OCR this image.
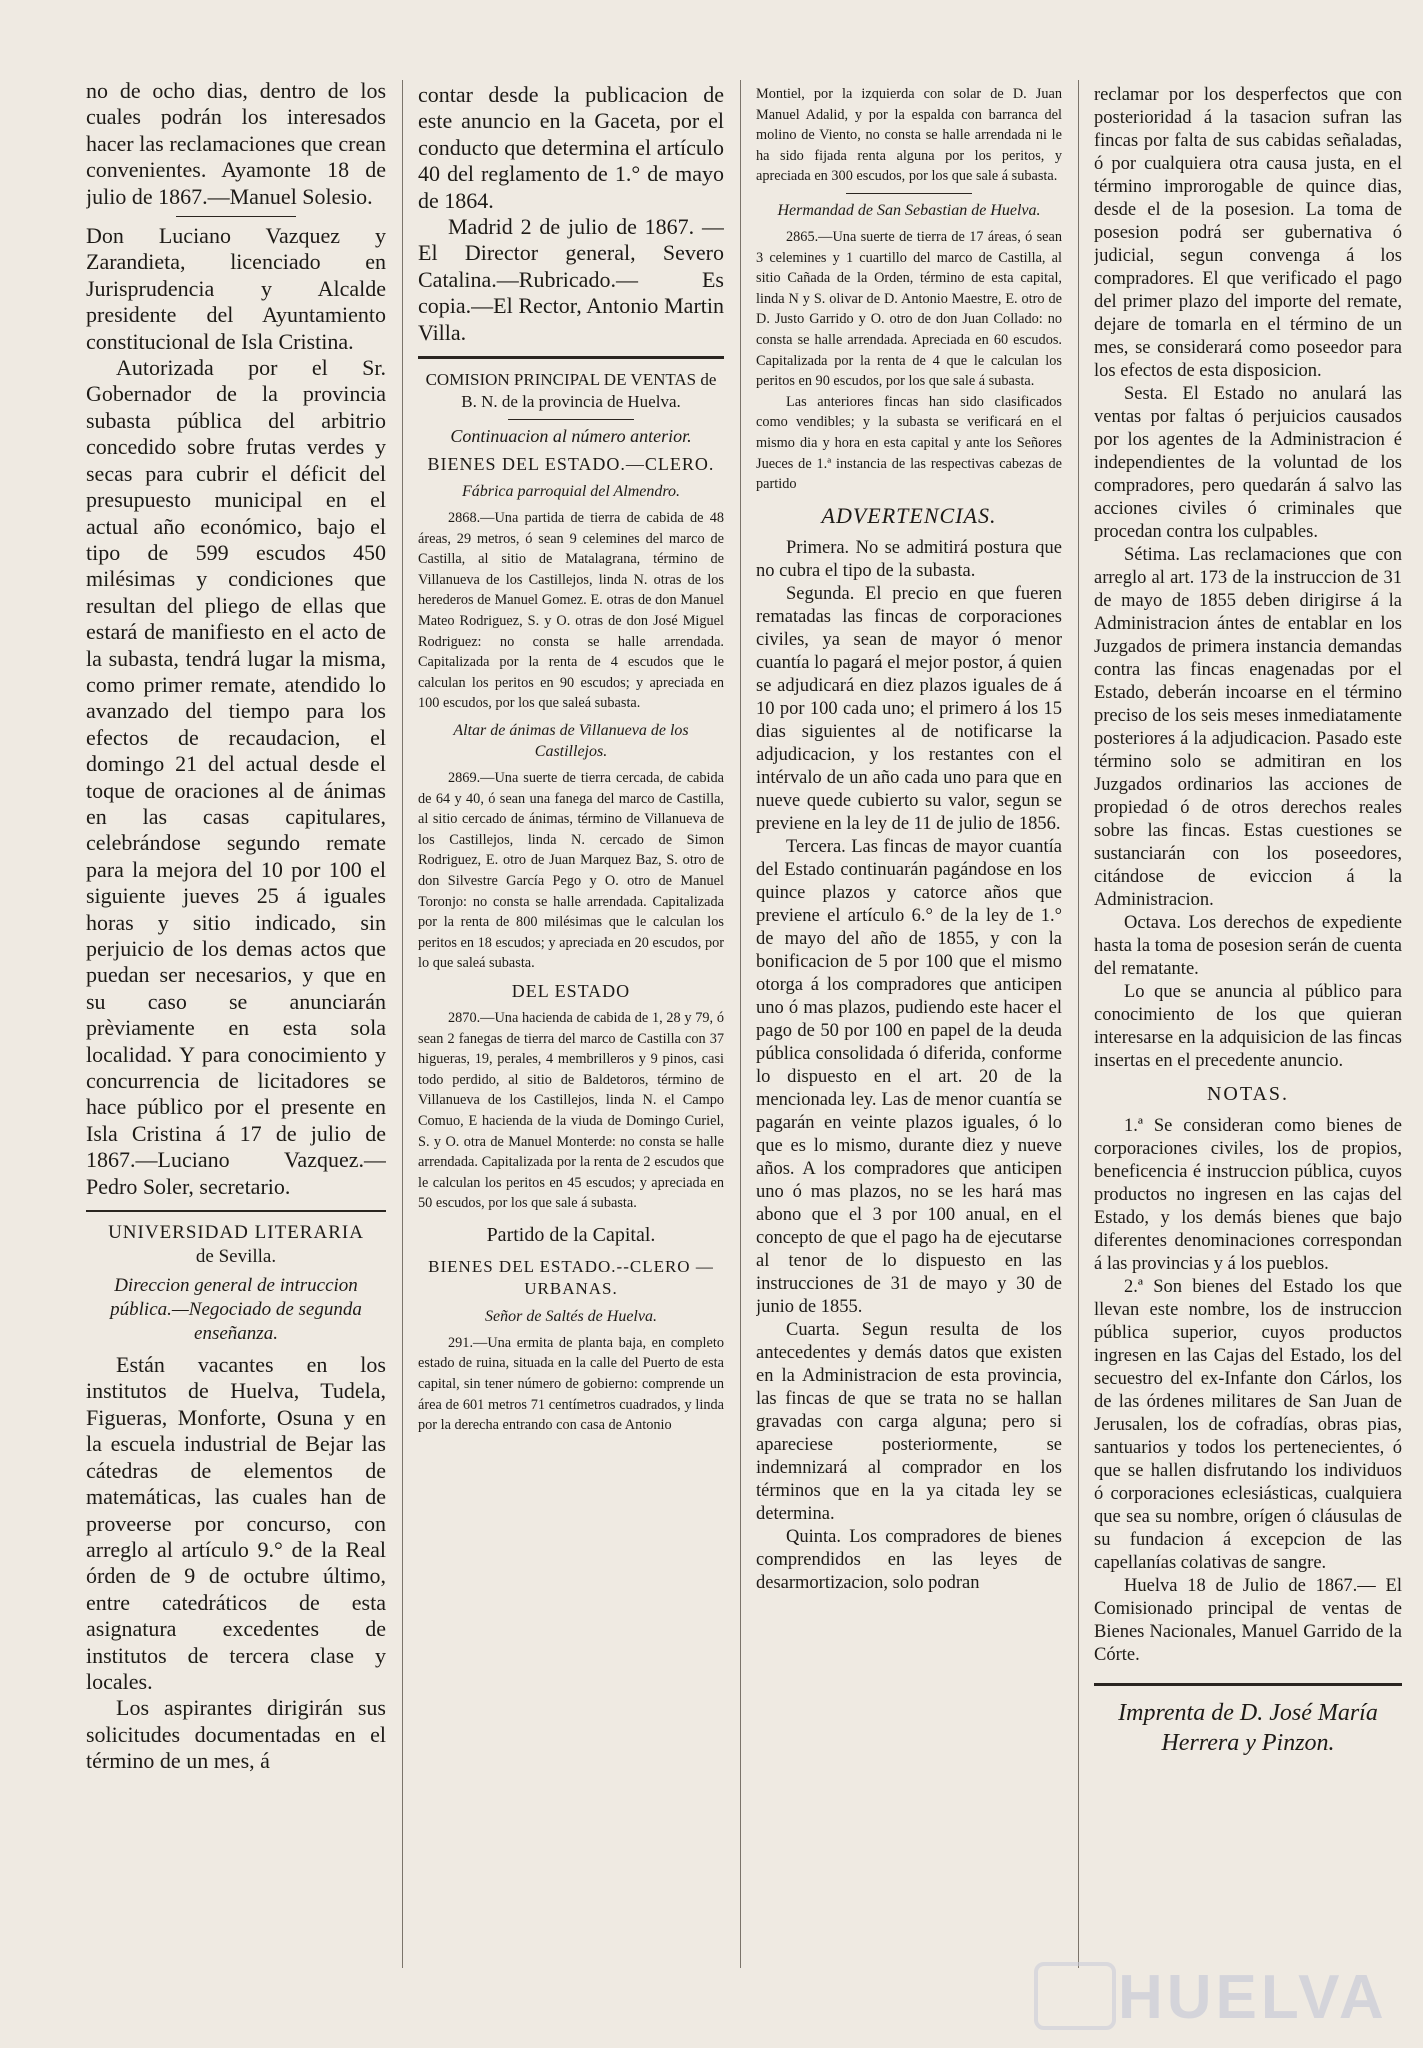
no de ocho dias, dentro de los cuales podrán los interesados hacer las reclamaciones que crean convenientes. Ayamonte 18 de julio de 1867.—Manuel Solesio.

Don Luciano Vazquez y Zarandieta, licenciado en Jurisprudencia y Alcalde presidente del Ayuntamiento constitucional de Isla Cristina.

Autorizada por el Sr. Gobernador de la provincia subasta pública del arbitrio concedido sobre frutas verdes y secas para cubrir el déficit del presupuesto municipal en el actual año económico, bajo el tipo de 599 escudos 450 milésimas y condiciones que resultan del pliego de ellas que estará de manifiesto en el acto de la subasta, tendrá lugar la misma, como primer remate, atendido lo avanzado del tiempo para los efectos de recaudacion, el domingo 21 del actual desde el toque de oraciones al de ánimas en las casas capitulares, celebrándose segundo remate para la mejora del 10 por 100 el siguiente jueves 25 á iguales horas y sitio indicado, sin perjuicio de los demas actos que puedan ser necesarios, y que en su caso se anunciarán prèviamente en esta sola localidad. Y para conocimiento y concurrencia de licitadores se hace público por el presente en Isla Cristina á 17 de julio de 1867.—Luciano Vazquez.—Pedro Soler, secretario.

UNIVERSIDAD LITERARIA

de Sevilla.

Direccion general de intruccion pública.—Negociado de segunda enseñanza.

Están vacantes en los institutos de Huelva, Tudela, Figueras, Monforte, Osuna y en la escuela industrial de Bejar las cátedras de elementos de matemáticas, las cuales han de proveerse por concurso, con arreglo al artículo 9.° de la Real órden de 9 de octubre último, entre catedráticos de esta asignatura excedentes de institutos de tercera clase y locales.

Los aspirantes dirigirán sus solicitudes documentadas en el término de un mes, á

contar desde la publicacion de este anuncio en la Gaceta, por el conducto que determina el artículo 40 del reglamento de 1.° de mayo de 1864.

Madrid 2 de julio de 1867. —El Director general, Severo Catalina.—Rubricado.— Es copia.—El Rector, Antonio Martin Villa.

COMISION PRINCIPAL DE VENTAS de B. N. de la provincia de Huelva.

Continuacion al número anterior.

BIENES DEL ESTADO.—CLERO.

Fábrica parroquial del Almendro.

2868.—Una partida de tierra de cabida de 48 áreas, 29 metros, ó sean 9 celemines del marco de Castilla, al sitio de Matalagrana, término de Villanueva de los Castillejos, linda N. otras de los herederos de Manuel Gomez. E. otras de don Manuel Mateo Rodriguez, S. y O. otras de don José Miguel Rodriguez: no consta se halle arrendada. Capitalizada por la renta de 4 escudos que le calculan los peritos en 90 escudos; y apreciada en 100 escudos, por los que saleá subasta.

Altar de ánimas de Villanueva de los Castillejos.

2869.—Una suerte de tierra cercada, de cabida de 64 y 40, ó sean una fanega del marco de Castilla, al sitio cercado de ánimas, término de Villanueva de los Castillejos, linda N. cercado de Simon Rodriguez, E. otro de Juan Marquez Baz, S. otro de don Silvestre García Pego y O. otro de Manuel Toronjo: no consta se halle arrendada. Capitalizada por la renta de 800 milésimas que le calculan los peritos en 18 escudos; y apreciada en 20 escudos, por lo que saleá subasta.

DEL ESTADO

2870.—Una hacienda de cabida de 1, 28 y 79, ó sean 2 fanegas de tierra del marco de Castilla con 37 higueras, 19, perales, 4 membrilleros y 9 pinos, casi todo perdido, al sitio de Baldetoros, término de Villanueva de los Castillejos, linda N. el Campo Comuo, E hacienda de la viuda de Domingo Curiel, S. y O. otra de Manuel Monterde: no consta se halle arrendada. Capitalizada por la renta de 2 escudos que le calculan los peritos en 45 escudos; y apreciada en 50 escudos, por los que sale á subasta.

Partido de la Capital.

BIENES DEL ESTADO.--CLERO — URBANAS.

Señor de Saltés de Huelva.

291.—Una ermita de planta baja, en completo estado de ruina, situada en la calle del Puerto de esta capital, sin tener número de gobierno: comprende un área de 601 metros 71 centímetros cuadrados, y linda por la derecha entrando con casa de Antonio

Montiel, por la izquierda con solar de D. Juan Manuel Adalid, y por la espalda con barranca del molino de Viento, no consta se halle arrendada ni le ha sido fijada renta alguna por los peritos, y apreciada en 300 escudos, por los que sale á subasta.

Hermandad de San Sebastian de Huelva.

2865.—Una suerte de tierra de 17 áreas, ó sean 3 celemines y 1 cuartillo del marco de Castilla, al sitio Cañada de la Orden, término de esta capital, linda N y S. olivar de D. Antonio Maestre, E. otro de D. Justo Garrido y O. otro de don Juan Collado: no consta se halle arrendada. Apreciada en 60 escudos. Capitalizada por la renta de 4 que le calculan los peritos en 90 escudos, por los que sale á subasta.

Las anteriores fincas han sido clasificados como vendibles; y la subasta se verificará en el mismo dia y hora en esta capital y ante los Señores Jueces de 1.ª instancia de las respectivas cabezas de partido

ADVERTENCIAS.

Primera. No se admitirá postura que no cubra el tipo de la subasta.

Segunda. El precio en que fueren rematadas las fincas de corporaciones civiles, ya sean de mayor ó menor cuantía lo pagará el mejor postor, á quien se adjudicará en diez plazos iguales de á 10 por 100 cada uno; el primero á los 15 dias siguientes al de notificarse la adjudicacion, y los restantes con el intérvalo de un año cada uno para que en nueve quede cubierto su valor, segun se previene en la ley de 11 de julio de 1856.

Tercera. Las fincas de mayor cuantía del Estado continuarán pagándose en los quince plazos y catorce años que previene el artículo 6.° de la ley de 1.° de mayo del año de 1855, y con la bonificacion de 5 por 100 que el mismo otorga á los compradores que anticipen uno ó mas plazos, pudiendo este hacer el pago de 50 por 100 en papel de la deuda pública consolidada ó diferida, conforme lo dispuesto en el art. 20 de la mencionada ley. Las de menor cuantía se pagarán en veinte plazos iguales, ó lo que es lo mismo, durante diez y nueve años. A los compradores que anticipen uno ó mas plazos, no se les hará mas abono que el 3 por 100 anual, en el concepto de que el pago ha de ejecutarse al tenor de lo dispuesto en las instrucciones de 31 de mayo y 30 de junio de 1855.

Cuarta. Segun resulta de los antecedentes y demás datos que existen en la Administracion de esta provincia, las fincas de que se trata no se hallan gravadas con carga alguna; pero si apareciese posteriormente, se indemnizará al comprador en los términos que en la ya citada ley se determina.

Quinta. Los compradores de bienes comprendidos en las leyes de desarmortizacion, solo podran

reclamar por los desperfectos que con posterioridad á la tasacion sufran las fincas por falta de sus cabidas señaladas, ó por cualquiera otra causa justa, en el término improrogable de quince dias, desde el de la posesion. La toma de posesion podrá ser gubernativa ó judicial, segun convenga á los compradores. El que verificado el pago del primer plazo del importe del remate, dejare de tomarla en el término de un mes, se considerará como poseedor para los efectos de esta disposicion.

Sesta. El Estado no anulará las ventas por faltas ó perjuicios causados por los agentes de la Administracion é independientes de la voluntad de los compradores, pero quedarán á salvo las acciones civiles ó criminales que procedan contra los culpables.

Sétima. Las reclamaciones que con arreglo al art. 173 de la instruccion de 31 de mayo de 1855 deben dirigirse á la Administracion ántes de entablar en los Juzgados de primera instancia demandas contra las fincas enagenadas por el Estado, deberán incoarse en el término preciso de los seis meses inmediatamente posteriores á la adjudicacion. Pasado este término solo se admitiran en los Juzgados ordinarios las acciones de propiedad ó de otros derechos reales sobre las fincas. Estas cuestiones se sustanciarán con los poseedores, citándose de eviccion á la Administracion.

Octava. Los derechos de expediente hasta la toma de posesion serán de cuenta del rematante.

Lo que se anuncia al público para conocimiento de los que quieran interesarse en la adquisicion de las fincas insertas en el precedente anuncio.

NOTAS.

1.ª Se consideran como bienes de corporaciones civiles, los de propios, beneficencia é instruccion pública, cuyos productos no ingresen en las cajas del Estado, y los demás bienes que bajo diferentes denominaciones correspondan á las provincias y á los pueblos.

2.ª Son bienes del Estado los que llevan este nombre, los de instruccion pública superior, cuyos productos ingresen en las Cajas del Estado, los del secuestro del ex-Infante don Cárlos, los de las órdenes militares de San Juan de Jerusalen, los de cofradías, obras pias, santuarios y todos los pertenecientes, ó que se hallen disfrutando los individuos ó corporaciones eclesiásticas, cualquiera que sea su nombre, orígen ó cláusulas de su fundacion á excepcion de las capellanías colativas de sangre.

Huelva 18 de Julio de 1867.— El Comisionado principal de ventas de Bienes Nacionales, Manuel Garrido de la Córte.

Imprenta de D. José María Herrera y Pinzon.

HUELVA
